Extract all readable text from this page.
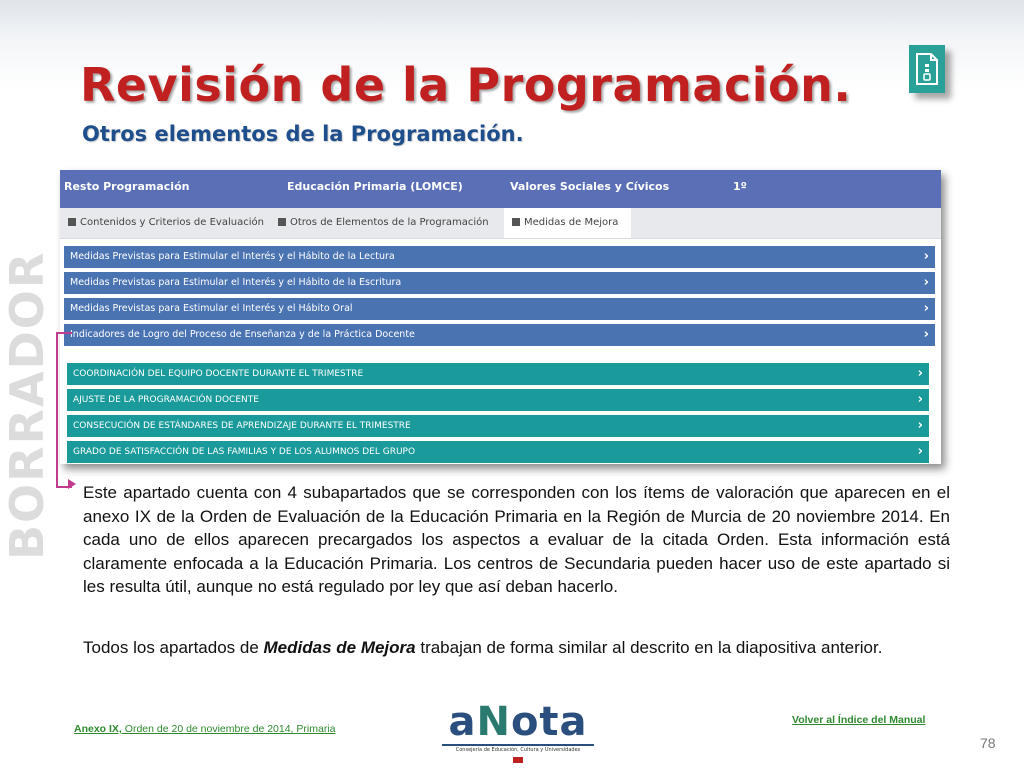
Revisión de la Programación.
Otros elementos de la Programación.
BORRADOR
Resto Programación	Educación Primaria (LOMCE)	Valores Sociales y Cívicos	1º
Contenidos y Criterios de Evaluación	Otros de Elementos de la Programación	Medidas de Mejora
Medidas Previstas para Estimular el Interés y el Hábito de la Lectura	›
Medidas Previstas para Estimular el Interés y el Hábito de la Escritura	›
Medidas Previstas para Estimular el Interés y el Hábito Oral	›
Indicadores de Logro del Proceso de Enseñanza y de la Práctica Docente	›
COORDINACIÓN DEL EQUIPO DOCENTE DURANTE EL TRIMESTRE	›
AJUSTE DE LA PROGRAMACIÓN DOCENTE	›
CONSECUCIÓN DE ESTÁNDARES DE APRENDIZAJE DURANTE EL TRIMESTRE	›
GRADO DE SATISFACCIÓN DE LAS FAMILIAS Y DE LOS ALUMNOS DEL GRUPO	›

Este apartado cuenta con 4 subapartados que se corresponden con los ítems de valoración que aparecen en el anexo IX de la Orden de Evaluación de la Educación Primaria en la Región de Murcia de 20 noviembre 2014. En cada uno de ellos aparecen precargados los aspectos a evaluar de la citada Orden. Esta información está claramente enfocada a la Educación Primaria. Los centros de Secundaria pueden hacer uso de este apartado si les resulta útil, aunque no está regulado por ley que así deban hacerlo.

Todos los apartados de Medidas de Mejora trabajan de forma similar al descrito en la diapositiva anterior.

Anexo IX, Orden de 20 de noviembre de 2014, Primaria	aNota
Consejería de Educación, Cultura y Universidades
Volver al Índice del Manual
78
